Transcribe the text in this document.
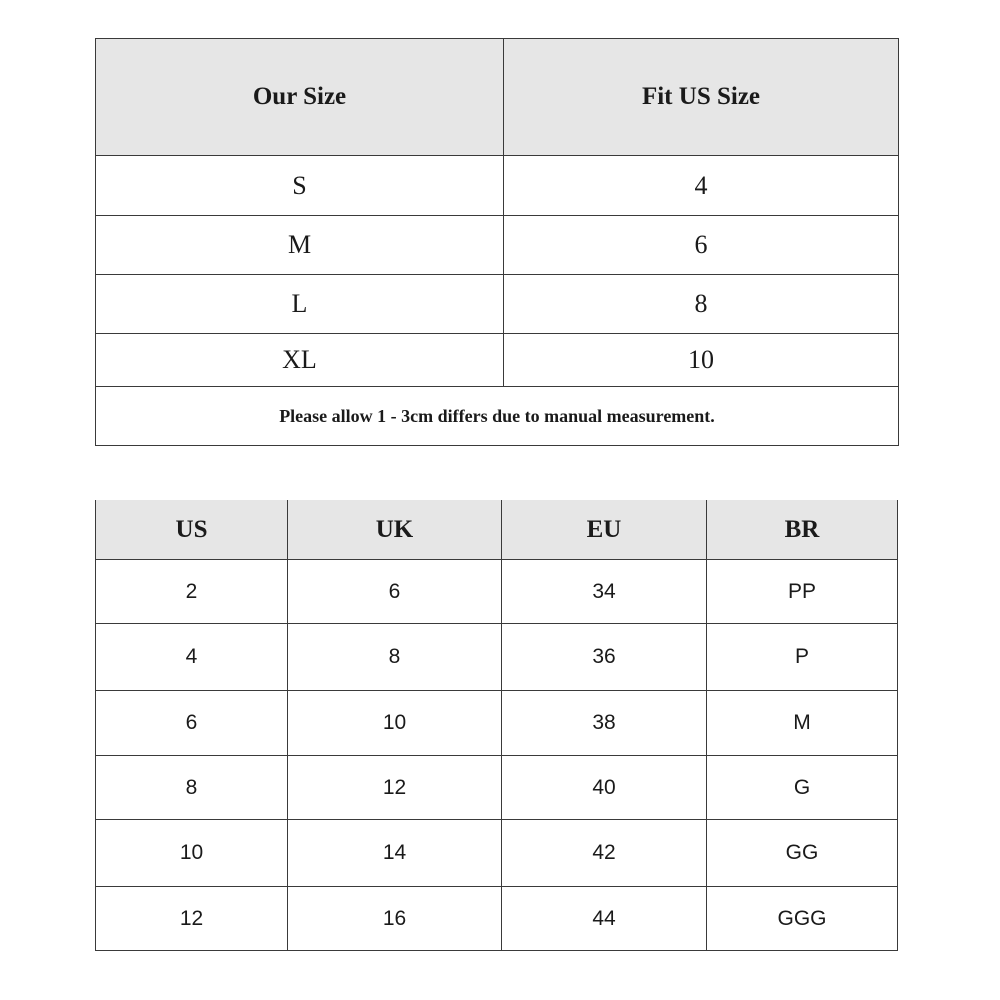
Our Size	Fit US Size
S	4
M	6
L	8
XL	10
Please allow 1 - 3cm differs due to manual measurement.	
US	UK	EU	BR
2	6	34	PP
4	8	36	P
6	10	38	M
8	12	40	G
10	14	42	GG
12	16	44	GGG
